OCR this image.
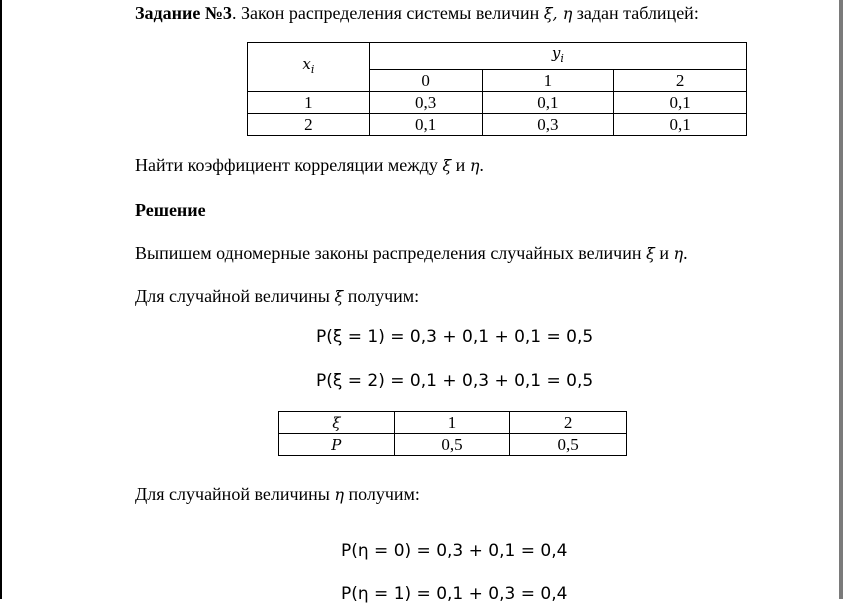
Задание №3. Закон распределения системы величин ξ, η задан таблицей:
$x_i$	$y_i$
	0	1	2
1	0,3	0,1	0,1
2	0,1	0,3	0,1
Найти коэффициент корреляции между ξ и η.
Решение
Выпишем одномерные законы распределения случайных величин ξ и η.
Для случайной величины ξ получим:
P(ξ = 1) = 0,3 + 0,1 + 0,1 = 0,5
P(ξ = 2) = 0,1 + 0,3 + 0,1 = 0,5
ξ	1	2
P	0,5	0,5
Для случайной величины η получим:
P(η = 0) = 0,3 + 0,1 = 0,4
P(η = 1) = 0,1 + 0,3 = 0,4
